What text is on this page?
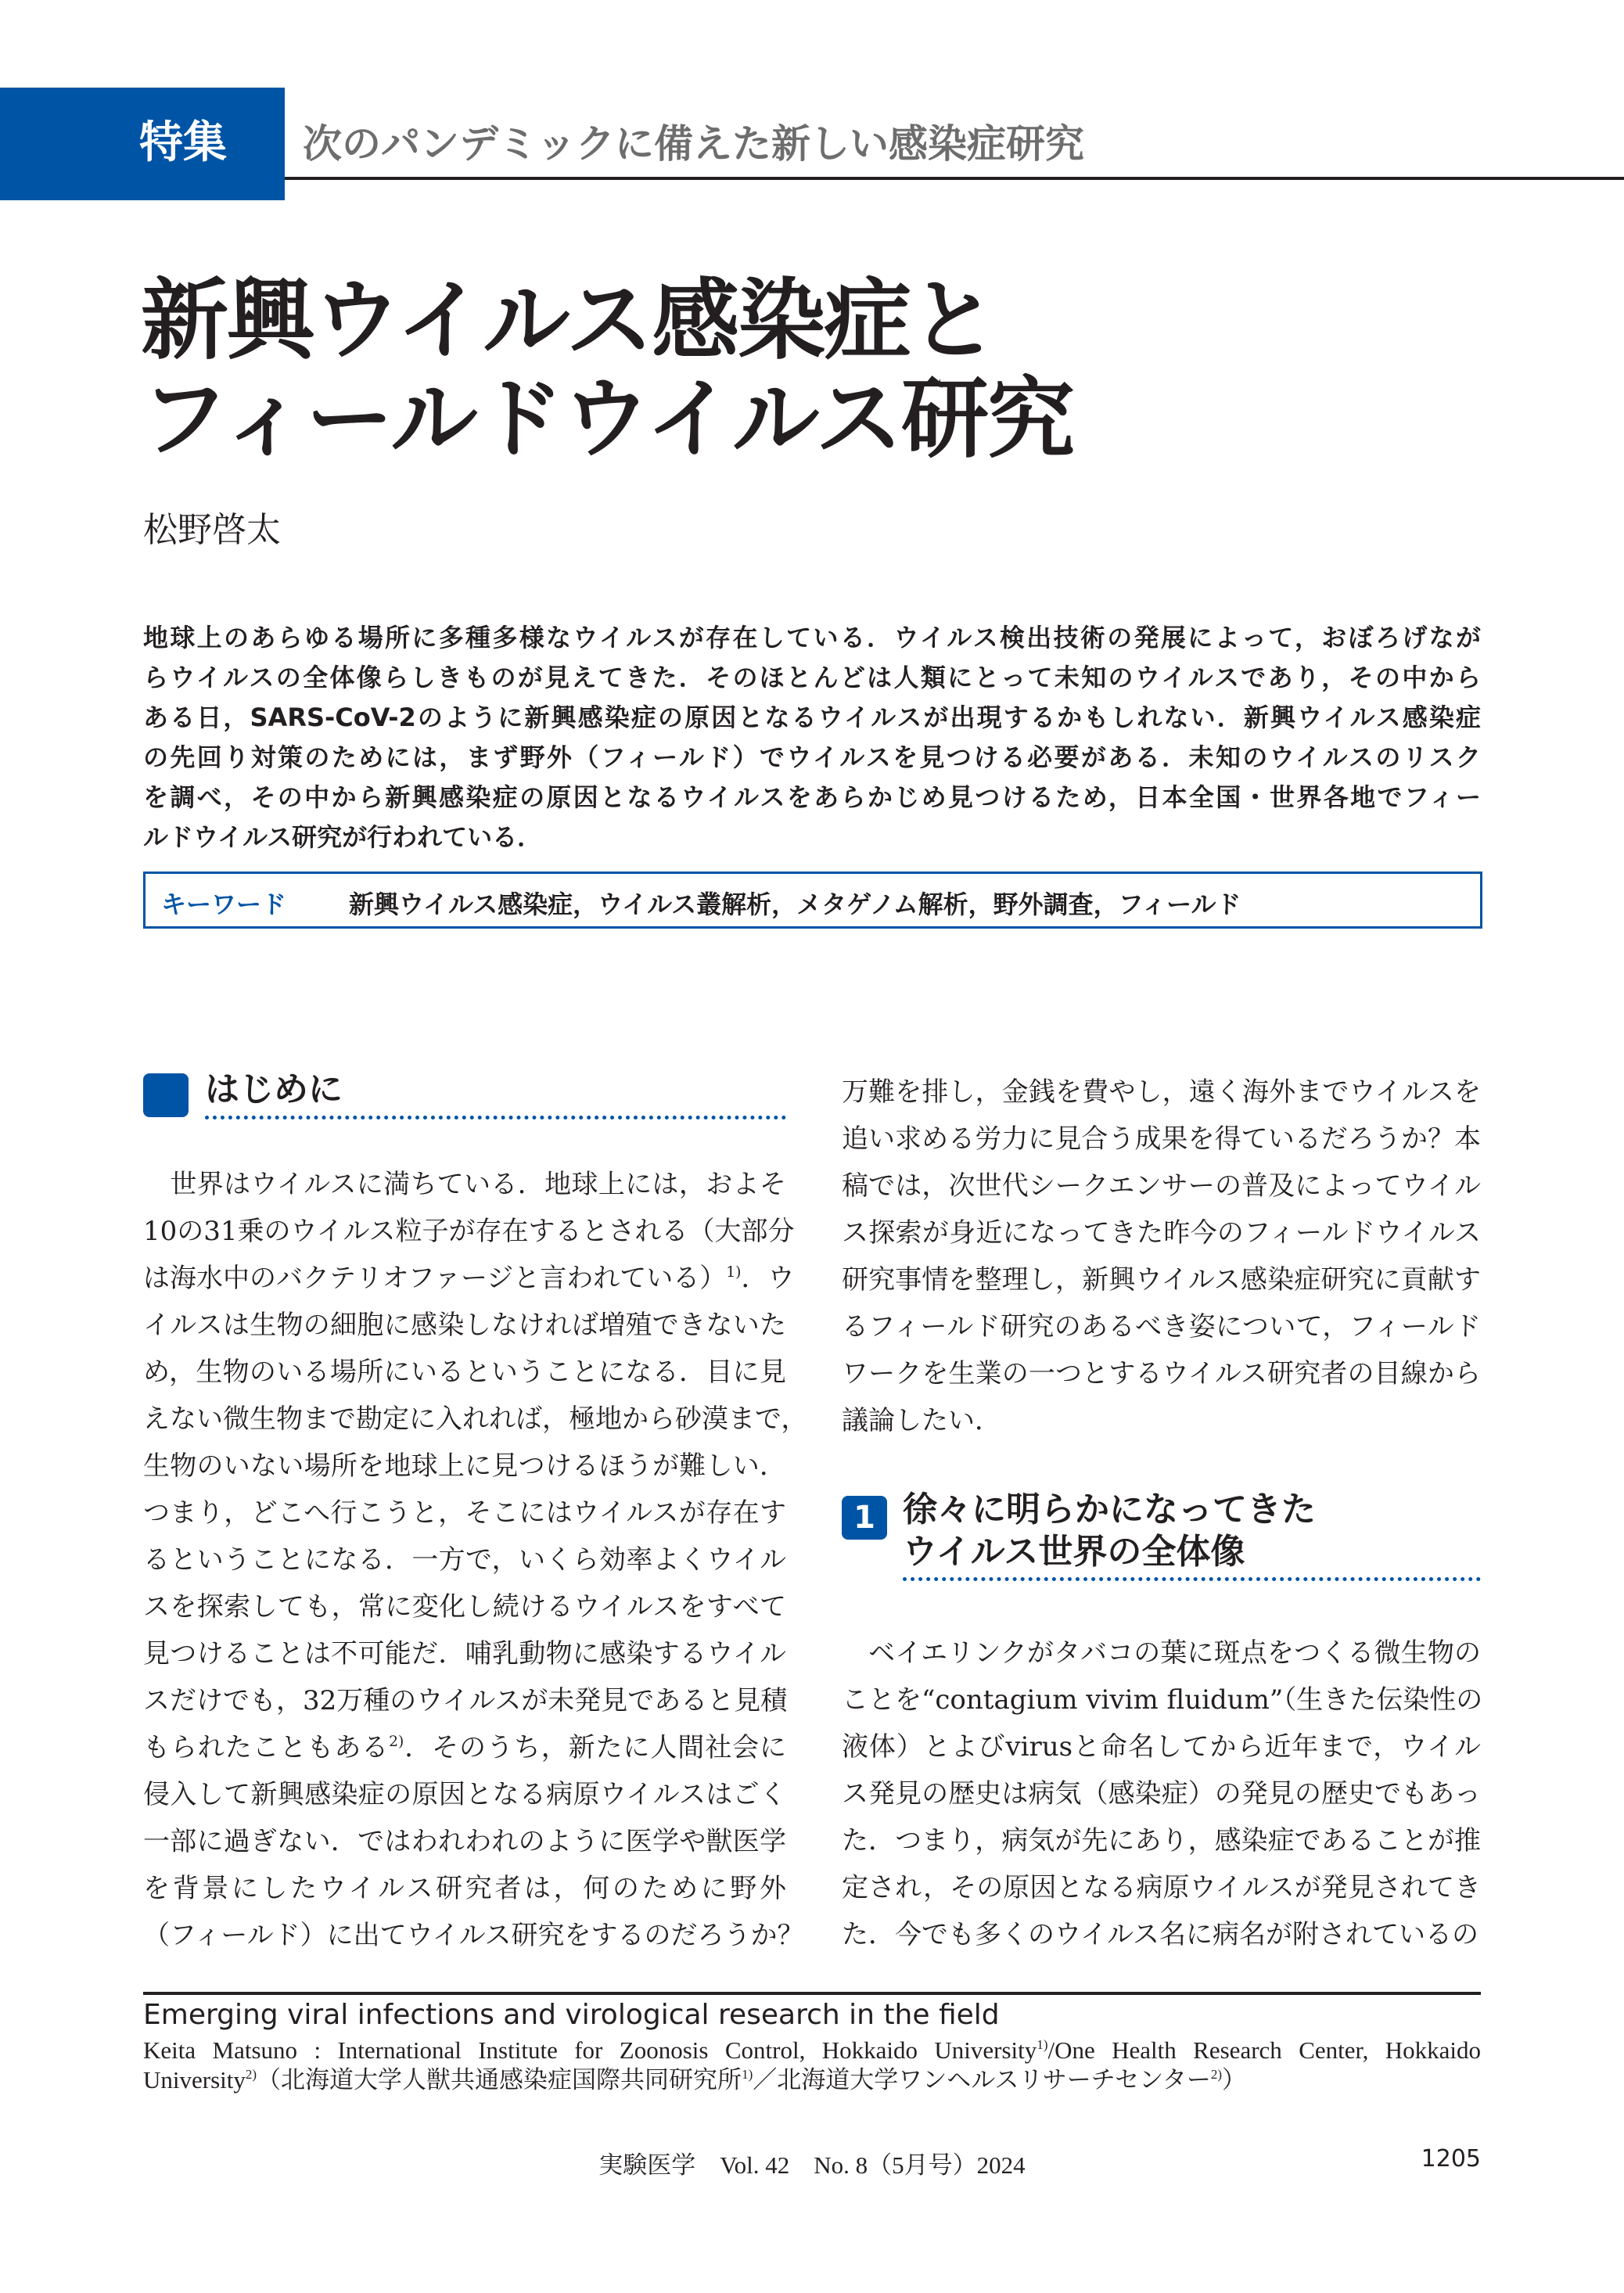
特集 次のパンデミックに備えた新しい感染症研究
新興ウイルス感染症と
フィールドウイルス研究
松野啓太
地球上のあらゆる場所に多種多様なウイルスが存在している．ウイルス検出技術の発展によって，おぼろげなが
らウイルスの全体像らしきものが見えてきた．そのほとんどは人類にとって未知のウイルスであり，その中から
ある日，SARS-CoV-2のように新興感染症の原因となるウイルスが出現するかもしれない．新興ウイルス感染症
の先回り対策のためには，まず野外（フィールド）でウイルスを見つける必要がある．未知のウイルスのリスク
を調べ，その中から新興感染症の原因となるウイルスをあらかじめ見つけるため，日本全国・世界各地でフィー
ルドウイルス研究が行われている．
キーワード 新興ウイルス感染症，ウイルス叢解析，メタゲノム解析，野外調査，フィールド
はじめに
　世界はウイルスに満ちている．地球上には，およそ
10の31乗のウイルス粒子が存在するとされる（大部分
は海水中のバクテリオファージと言われている）$^{1)}$．ウ
イルスは生物の細胞に感染しなければ増殖できないた
め，生物のいる場所にいるということになる．目に見
えない微生物まで勘定に入れれば，極地から砂漠まで，
生物のいない場所を地球上に見つけるほうが難しい．
つまり，どこへ行こうと，そこにはウイルスが存在す
るということになる．一方で，いくら効率よくウイル
スを探索しても，常に変化し続けるウイルスをすべて
見つけることは不可能だ．哺乳動物に感染するウイル
スだけでも，32万種のウイルスが未発見であると見積
もられたこともある$^{2)}$．そのうち，新たに人間社会に
侵入して新興感染症の原因となる病原ウイルスはごく
一部に過ぎない．ではわれわれのように医学や獣医学
を背景にしたウイルス研究者は，何のために野外
（フィールド）に出てウイルス研究をするのだろうか？
万難を排し，金銭を費やし，遠く海外までウイルスを
追い求める労力に見合う成果を得ているだろうか？本
稿では，次世代シークエンサーの普及によってウイル
ス探索が身近になってきた昨今のフィールドウイルス
研究事情を整理し，新興ウイルス感染症研究に貢献す
るフィールド研究のあるべき姿について，フィールド
ワークを生業の一つとするウイルス研究者の目線から
議論したい．
1 徐々に明らかになってきた
ウイルス世界の全体像
　ベイエリンクがタバコの葉に斑点をつくる微生物の
ことを“contagium vivim fluidum”（生きた伝染性の
液体）とよびvirusと命名してから近年まで，ウイル
ス発見の歴史は病気（感染症）の発見の歴史でもあっ
た．つまり，病気が先にあり，感染症であることが推
定され，その原因となる病原ウイルスが発見されてき
た．今でも多くのウイルス名に病名が附されているの
Emerging viral infections and virological research in the field
Keita Matsuno : International Institute for Zoonosis Control, Hokkaido University$^{1)}$/One Health Research Center, Hokkaido
University$^{2)}$（北海道大学人獣共通感染症国際共同研究所$^{1)}$／北海道大学ワンヘルスリサーチセンター$^{2)}$）
実験医学　Vol. 42　No. 8（5月号）2024	1205
